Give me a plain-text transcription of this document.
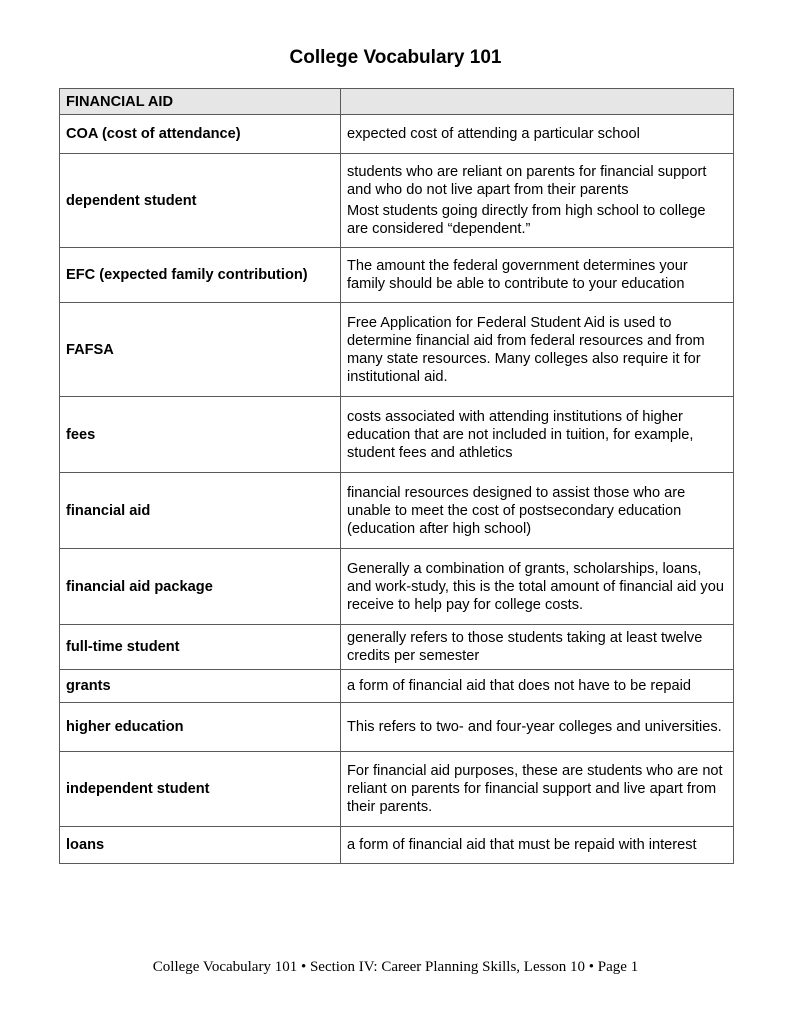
College Vocabulary 101
FINANCIAL AID	
COA (cost of attendance)	expected cost of attending a particular school

dependent student	students who are reliant on parents for financial support and who do not live apart from their parents
Most students going directly from high school to college are considered “dependent.”

EFC (expected family contribution)	The amount the federal government determines your family should be able to contribute to your education

FAFSA	Free Application for Federal Student Aid is used to determine financial aid from federal resources and from many state resources. Many colleges also require it for institutional aid.

fees	costs associated with attending institutions of higher education that are not included in tuition, for example, student fees and athletics

financial aid	financial resources designed to assist those who are unable to meet the cost of postsecondary education (education after high school)

financial aid package	Generally a combination of grants, scholarships, loans, and work-study, this is the total amount of financial aid you receive to help pay for college costs.

full-time student	generally refers to those students taking at least twelve credits per semester

grants	a form of financial aid that does not have to be repaid

higher education	This refers to two- and four-year colleges and universities.

independent student	For financial aid purposes, these are students who are not reliant on parents for financial support and live apart from their parents.

loans	a form of financial aid that must be repaid with interest
College Vocabulary 101 • Section IV: Career Planning Skills, Lesson 10 • Page 1
